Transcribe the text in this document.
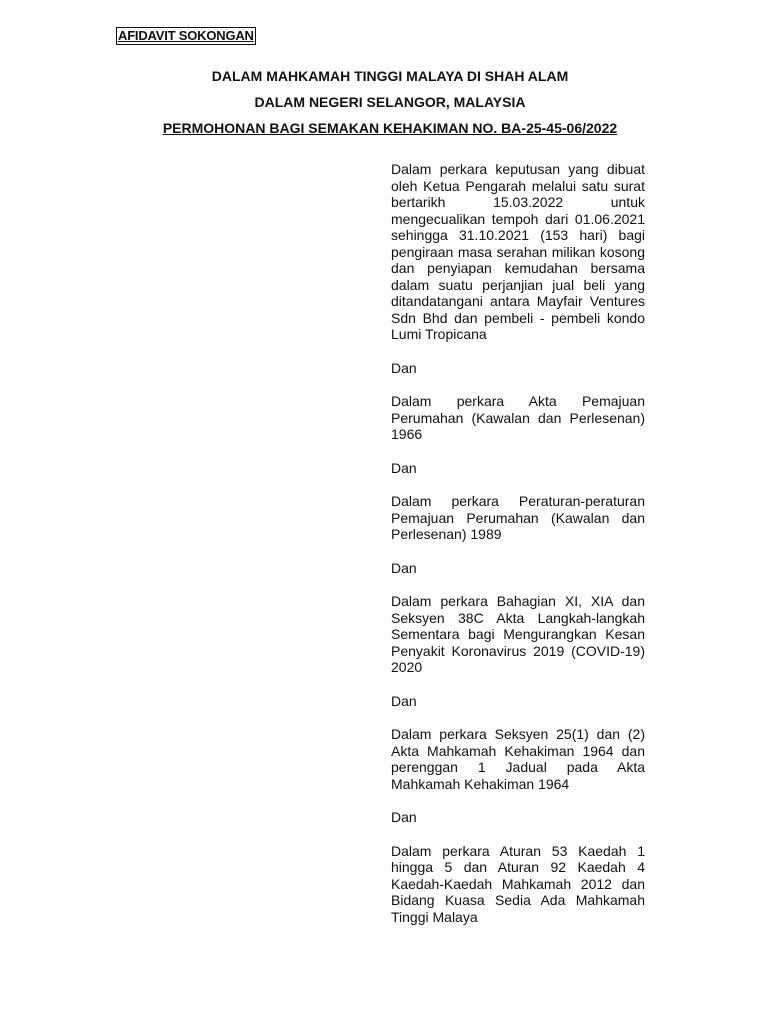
AFIDAVIT SOKONGAN
DALAM MAHKAMAH TINGGI MALAYA DI SHAH ALAM
DALAM NEGERI SELANGOR, MALAYSIA
PERMOHONAN BAGI SEMAKAN KEHAKIMAN NO. BA-25-45-06/2022

Dalam perkara keputusan yang dibuat oleh Ketua Pengarah melalui satu surat bertarikh 15.03.2022 untuk mengecualikan tempoh dari 01.06.2021 sehingga 31.10.2021 (153 hari) bagi pengiraan masa serahan milikan kosong dan penyiapan kemudahan bersama dalam suatu perjanjian jual beli yang ditandatangani antara Mayfair Ventures Sdn Bhd dan pembeli - pembeli kondo Lumi Tropicana

Dan

Dalam perkara Akta Pemajuan Perumahan (Kawalan dan Perlesenan) 1966

Dan

Dalam perkara Peraturan-peraturan Pemajuan Perumahan (Kawalan dan Perlesenan) 1989

Dan

Dalam perkara Bahagian XI, XIA dan Seksyen 38C Akta Langkah-langkah Sementara bagi Mengurangkan Kesan Penyakit Koronavirus 2019 (COVID-19) 2020

Dan

Dalam perkara Seksyen 25(1) dan (2) Akta Mahkamah Kehakiman 1964 dan perenggan 1 Jadual pada Akta Mahkamah Kehakiman 1964

Dan

Dalam perkara Aturan 53 Kaedah 1 hingga 5 dan Aturan 92 Kaedah 4 Kaedah-Kaedah Mahkamah 2012 dan Bidang Kuasa Sedia Ada Mahkamah Tinggi Malaya
